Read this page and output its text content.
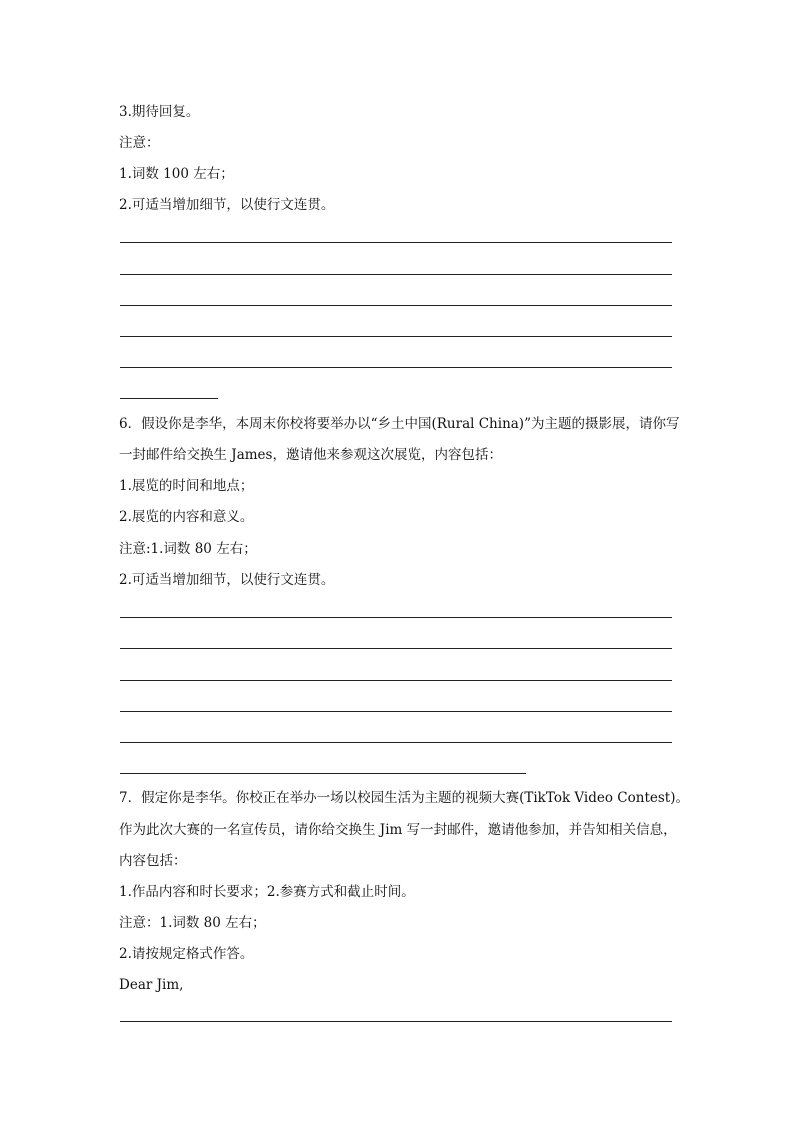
3.期待回复。
注意：
1.词数 100 左右；
2.可适当增加细节，以使行文连贯。
6．假设你是李华，本周末你校将要举办以“乡土中国(Rural China)”为主题的摄影展，请你写
一封邮件给交换生 James，邀请他来参观这次展览，内容包括：
1.展览的时间和地点；
2.展览的内容和意义。
注意:1.词数 80 左右；
2.可适当增加细节，以使行文连贯。
7．假定你是李华。你校正在举办一场以校园生活为主题的视频大赛(TikTok Video Contest)。
作为此次大赛的一名宣传员，请你给交换生 Jim 写一封邮件，邀请他参加，并告知相关信息，
内容包括：
1.作品内容和时长要求；2.参赛方式和截止时间。
注意：1.词数 80 左右；
2.请按规定格式作答。
Dear Jim,
